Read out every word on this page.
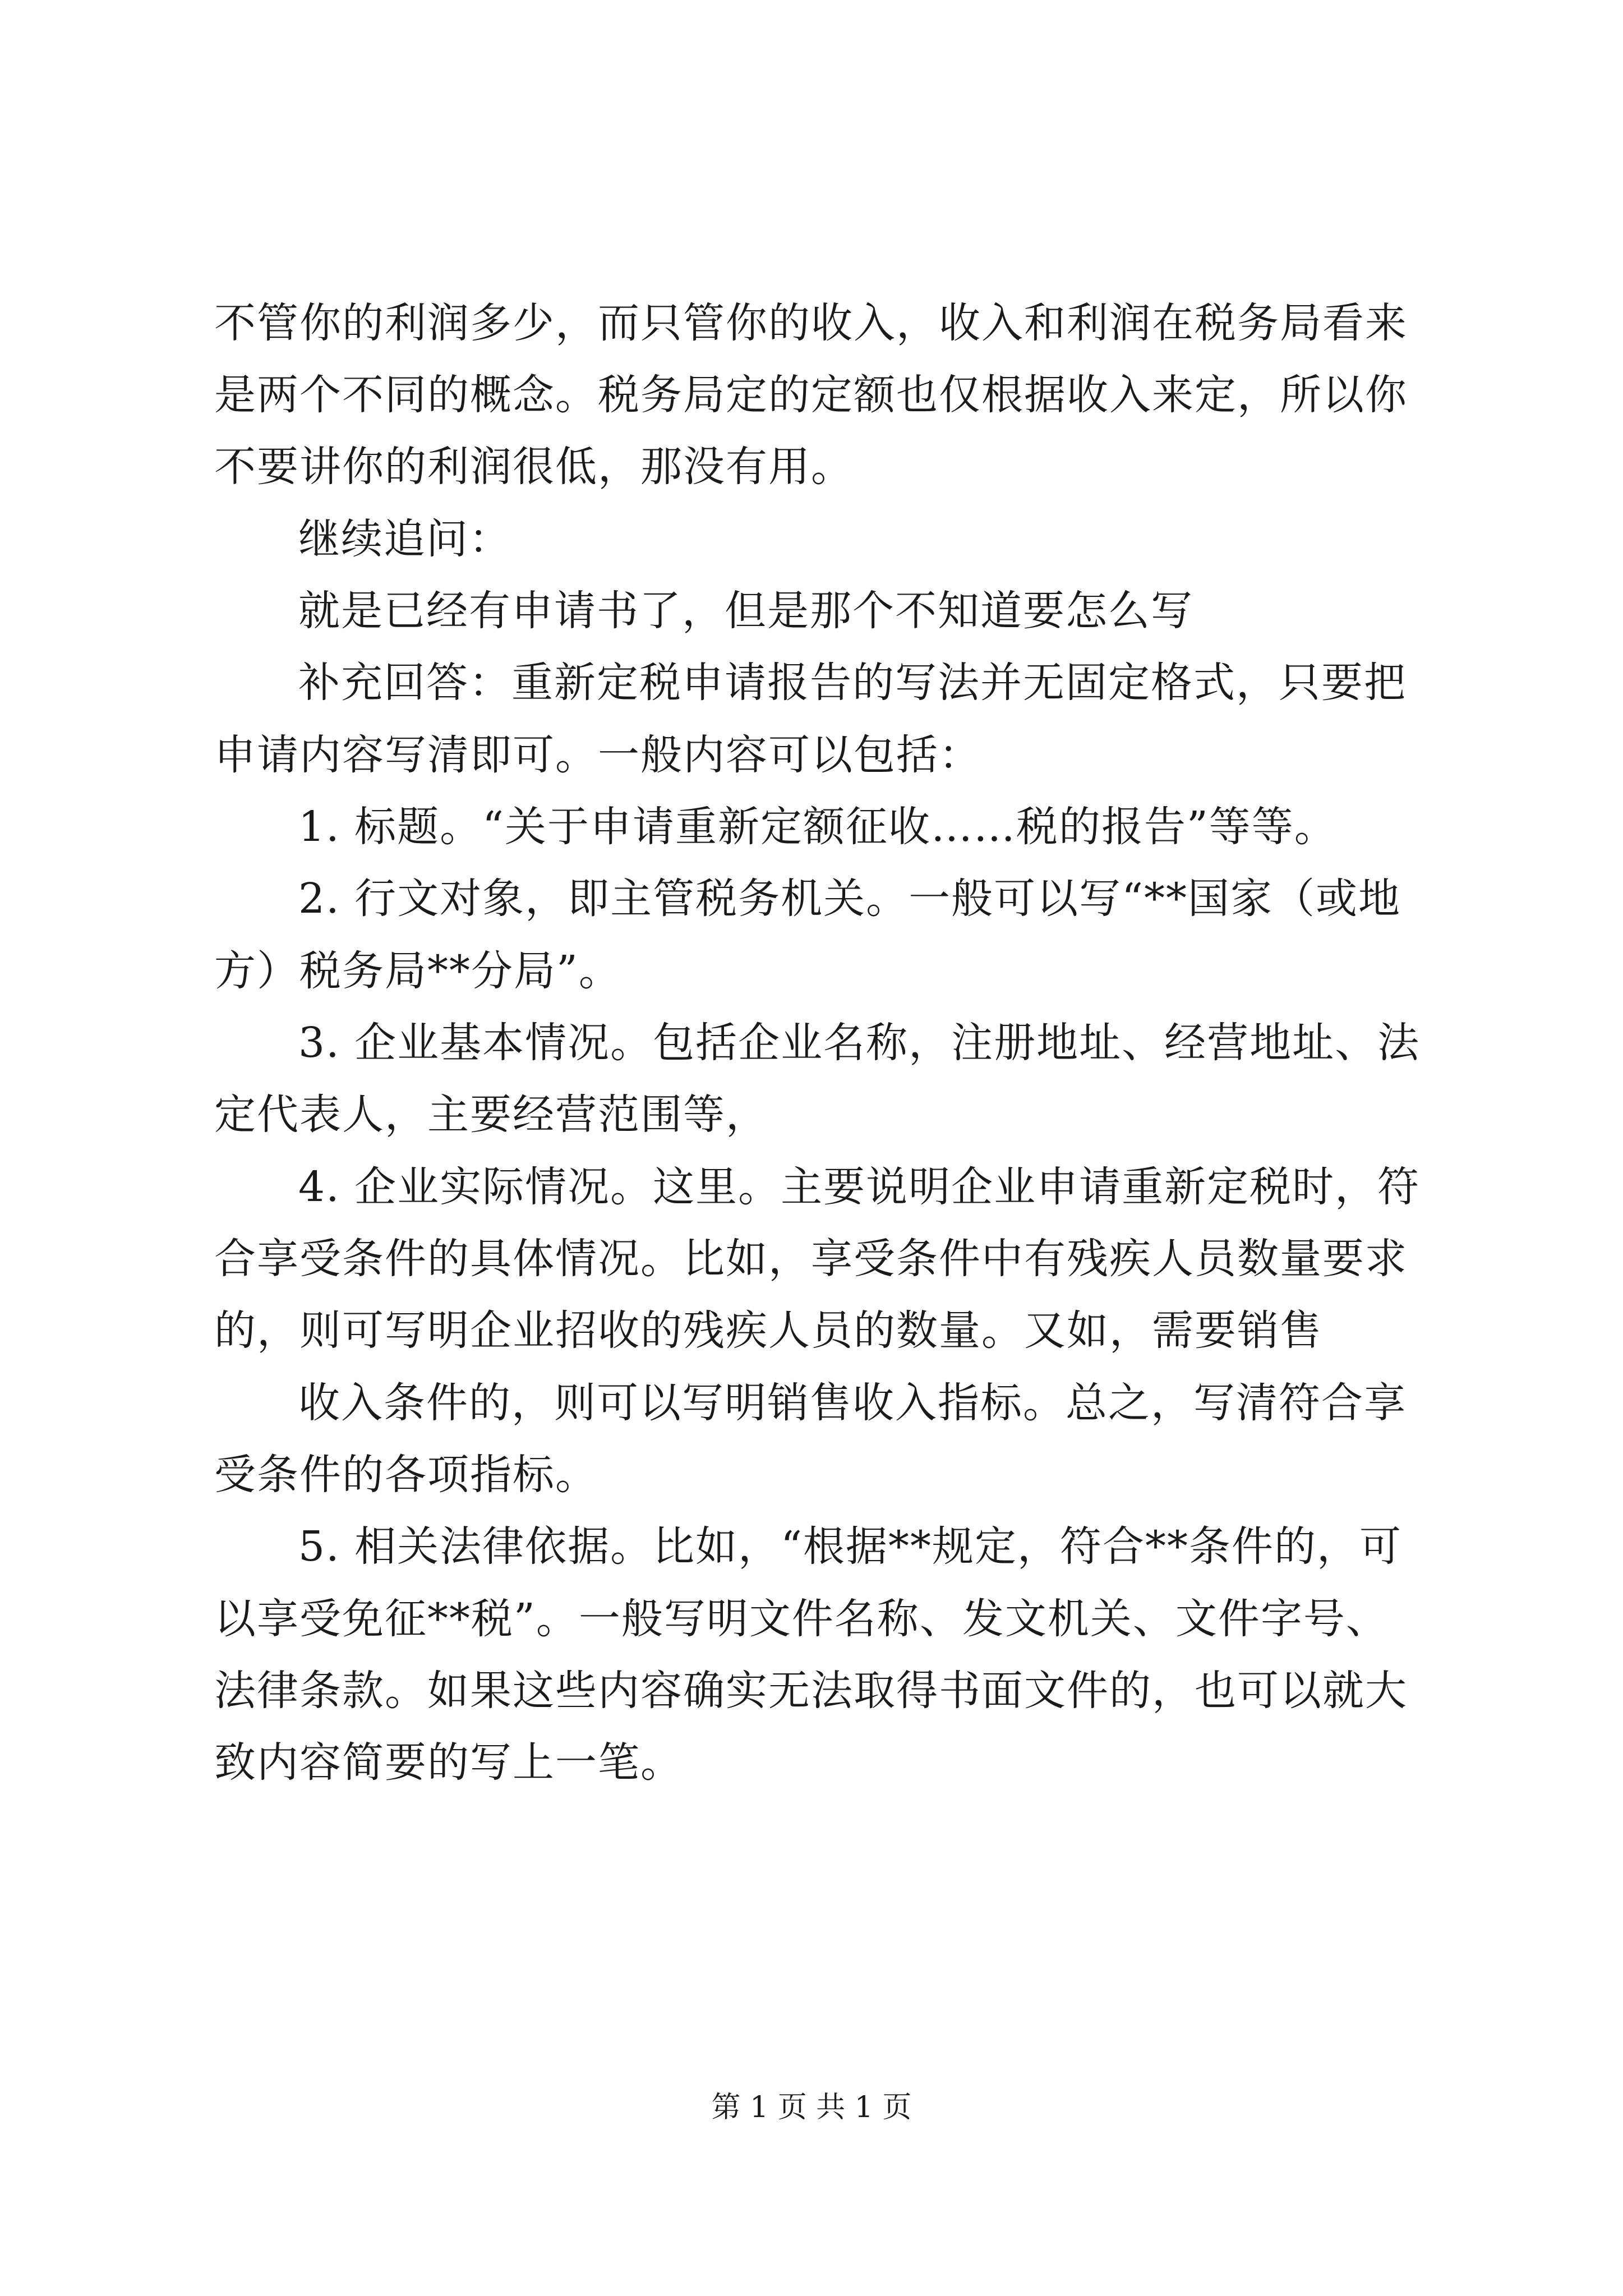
不管你的利润多少，而只管你的收入，收入和利润在税务局看来
是两个不同的概念。税务局定的定额也仅根据收入来定，所以你
不要讲你的利润很低，那没有用。
继续追问：
就是已经有申请书了，但是那个不知道要怎么写
补充回答：重新定税申请报告的写法并无固定格式，只要把
申请内容写清即可。一般内容可以包括：
1. 标题。“关于申请重新定额征收……税的报告”等等。
2. 行文对象，即主管税务机关。一般可以写“**国家（或地
方）税务局**分局”。
3. 企业基本情况。包括企业名称，注册地址、经营地址、法
定代表人，主要经营范围等，
4. 企业实际情况。这里。主要说明企业申请重新定税时，符
合享受条件的具体情况。比如，享受条件中有残疾人员数量要求
的，则可写明企业招收的残疾人员的数量。又如，需要销售
收入条件的，则可以写明销售收入指标。总之，写清符合享
受条件的各项指标。
5. 相关法律依据。比如，“根据**规定，符合**条件的，可
以享受免征**税”。一般写明文件名称、发文机关、文件字号、
法律条款。如果这些内容确实无法取得书面文件的，也可以就大
致内容简要的写上一笔。
第 1 页 共 1 页
